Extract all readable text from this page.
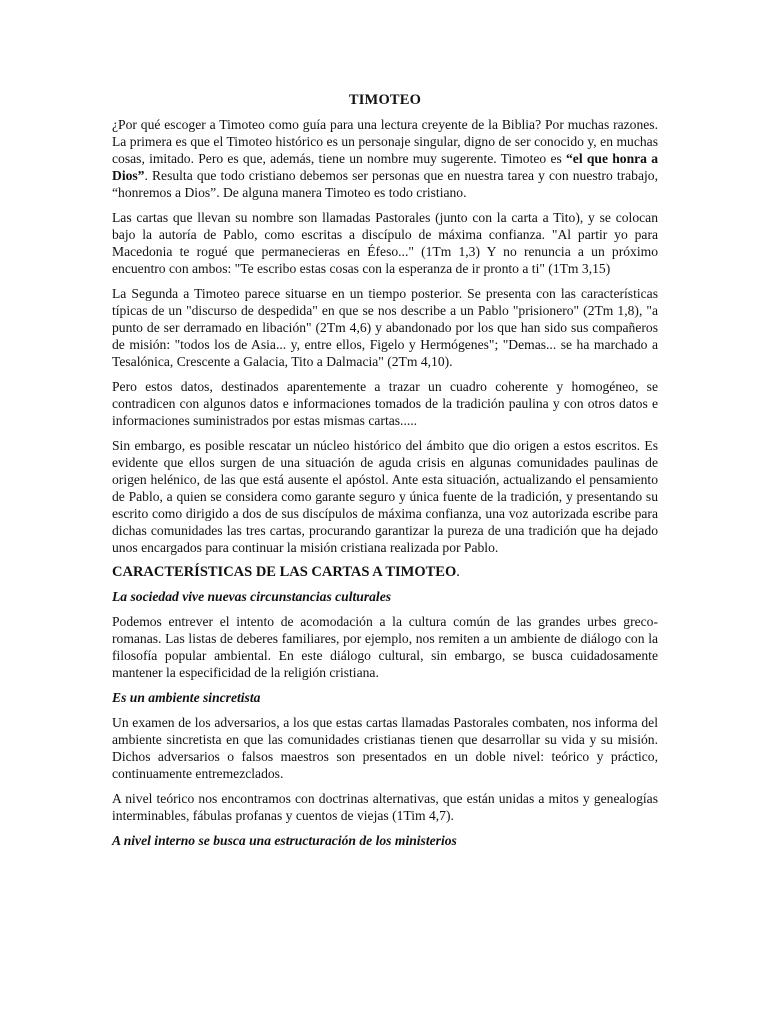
TIMOTEO

¿Por qué escoger a Timoteo como guía para una lectura creyente de la Biblia? Por muchas razones. La primera es que el Timoteo histórico es un personaje singular, digno de ser conocido y, en muchas cosas, imitado. Pero es que, además, tiene un nombre muy sugerente. Timoteo es “el que honra a Dios”. Resulta que todo cristiano debemos ser personas que en nuestra tarea y con nuestro trabajo, “honremos a Dios”. De alguna manera Timoteo es todo cristiano.

Las cartas que llevan su nombre son llamadas Pastorales (junto con la carta a Tito), y se colocan bajo la autoría de Pablo, como escritas a discípulo de máxima confianza. "Al partir yo para Macedonia te rogué que permanecieras en Éfeso..." (1Tm 1,3) Y no renuncia a un próximo encuentro con ambos: "Te escribo estas cosas con la esperanza de ir pronto a ti" (1Tm 3,15)

La Segunda a Timoteo parece situarse en un tiempo posterior. Se presenta con las características típicas de un "discurso de despedida" en que se nos describe a un Pablo "prisionero" (2Tm 1,8), "a punto de ser derramado en libación" (2Tm 4,6) y abandonado por los que han sido sus compañeros de misión: "todos los de Asia... y, entre ellos, Figelo y Hermógenes"; "Demas... se ha marchado a Tesalónica, Crescente a Galacia, Tito a Dalmacia" (2Tm 4,10).

Pero estos datos, destinados aparentemente a trazar un cuadro coherente y homogéneo, se contradicen con algunos datos e informaciones tomados de la tradición paulina y con otros datos e informaciones suministrados por estas mismas cartas.....

Sin embargo, es posible rescatar un núcleo histórico del ámbito que dio origen a estos escritos. Es evidente que ellos surgen de una situación de aguda crisis en algunas comunidades paulinas de origen helénico, de las que está ausente el apóstol. Ante esta situación, actualizando el pensamiento de Pablo, a quien se considera como garante seguro y única fuente de la tradición, y presentando su escrito como dirigido a dos de sus discípulos de máxima confianza, una voz autorizada escribe para dichas comunidades las tres cartas, procurando garantizar la pureza de una tradición que ha dejado unos encargados para continuar la misión cristiana realizada por Pablo.

CARACTERÍSTICAS DE LAS CARTAS A TIMOTEO.
La sociedad vive nuevas circunstancias culturales

Podemos entrever el intento de acomodación a la cultura común de las grandes urbes greco-romanas. Las listas de deberes familiares, por ejemplo, nos remiten a un ambiente de diálogo con la filosofía popular ambiental. En este diálogo cultural, sin embargo, se busca cuidadosamente mantener la especificidad de la religión cristiana.

Es un ambiente sincretista

Un examen de los adversarios, a los que estas cartas llamadas Pastorales combaten, nos informa del ambiente sincretista en que las comunidades cristianas tienen que desarrollar su vida y su misión. Dichos adversarios o falsos maestros son presentados en un doble nivel: teórico y práctico, continuamente entremezclados.

A nivel teórico nos encontramos con doctrinas alternativas, que están unidas a mitos y genealogías interminables, fábulas profanas y cuentos de viejas (1Tim 4,7).

A nivel interno se busca una estructuración de los ministerios
